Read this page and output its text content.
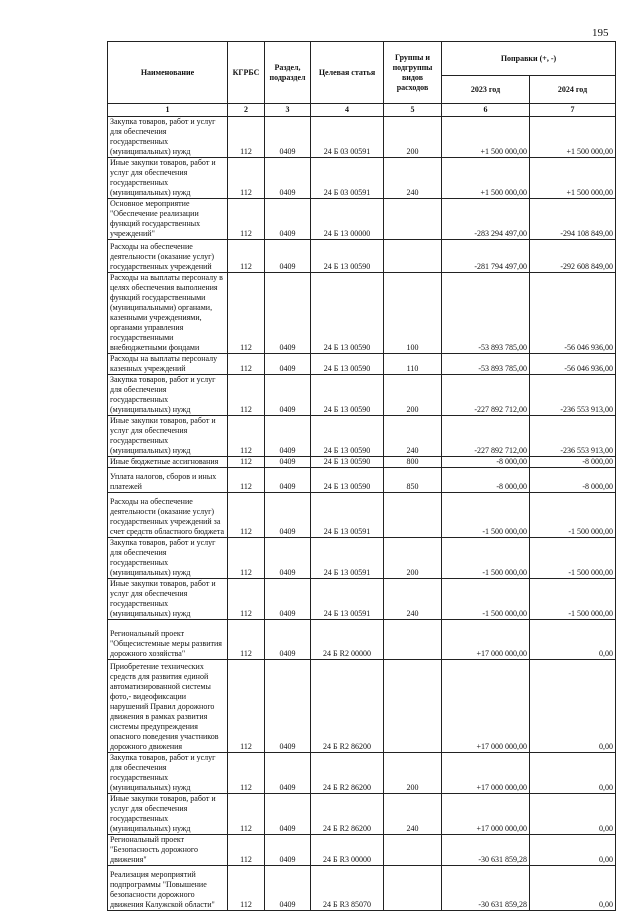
195
Наименование	КГРБС	Раздел, подраздел	Целевая статья	Группы и подгруппы видов расходов	Поправки (+, -)	
					2023 год	2024 год
1	2	3	4	5	6	7
Закупка товаров, работ и услуг для обеспечения государственных (муниципальных) нужд	112	0409	24 Б 03 00591	200	+1 500 000,00	+1 500 000,00
Иные закупки товаров, работ и услуг для обеспечения государственных (муниципальных) нужд	112	0409	24 Б 03 00591	240	+1 500 000,00	+1 500 000,00
Основное мероприятие "Обеспечение реализации функций государственных учреждений"	112	0409	24 Б 13 00000		-283 294 497,00	-294 108 849,00
Расходы на обеспечение деятельности (оказание услуг) государственных учреждений	112	0409	24 Б 13 00590		-281 794 497,00	-292 608 849,00
Расходы на выплаты персоналу в целях обеспечения выполнения функций государственными (муниципальными) органами, казенными учреждениями, органами управления государственными внебюджетными фондами	112	0409	24 Б 13 00590	100	-53 893 785,00	-56 046 936,00
Расходы на выплаты персоналу казенных учреждений	112	0409	24 Б 13 00590	110	-53 893 785,00	-56 046 936,00
Закупка товаров, работ и услуг для обеспечения государственных (муниципальных) нужд	112	0409	24 Б 13 00590	200	-227 892 712,00	-236 553 913,00
Иные закупки товаров, работ и услуг для обеспечения государственных (муниципальных) нужд	112	0409	24 Б 13 00590	240	-227 892 712,00	-236 553 913,00
Иные бюджетные ассигнования	112	0409	24 Б 13 00590	800	-8 000,00	-8 000,00
Уплата налогов, сборов и иных платежей	112	0409	24 Б 13 00590	850	-8 000,00	-8 000,00
Расходы на обеспечение деятельности (оказание услуг) государственных учреждений за счет средств областного бюджета	112	0409	24 Б 13 00591		-1 500 000,00	-1 500 000,00
Закупка товаров, работ и услуг для обеспечения государственных (муниципальных) нужд	112	0409	24 Б 13 00591	200	-1 500 000,00	-1 500 000,00
Иные закупки товаров, работ и услуг для обеспечения государственных (муниципальных) нужд	112	0409	24 Б 13 00591	240	-1 500 000,00	-1 500 000,00
Региональный проект "Общесистемные меры развития дорожного хозяйства"	112	0409	24 Б R2 00000		+17 000 000,00	0,00
Приобретение технических средств для развития единой автоматизированной системы фото,- видеофиксации нарушений Правил дорожного движения в рамках развития системы предупреждения опасного поведения участников дорожного движения	112	0409	24 Б R2 86200		+17 000 000,00	0,00
Закупка товаров, работ и услуг для обеспечения государственных (муниципальных) нужд	112	0409	24 Б R2 86200	200	+17 000 000,00	0,00
Иные закупки товаров, работ и услуг для обеспечения государственных (муниципальных) нужд	112	0409	24 Б R2 86200	240	+17 000 000,00	0,00
Региональный проект "Безопасность дорожного движения"	112	0409	24 Б R3 00000		-30 631 859,28	0,00
Реализация мероприятий подпрограммы "Повышение безопасности дорожного движения Калужской области"	112	0409	24 Б R3 85070		-30 631 859,28	0,00
